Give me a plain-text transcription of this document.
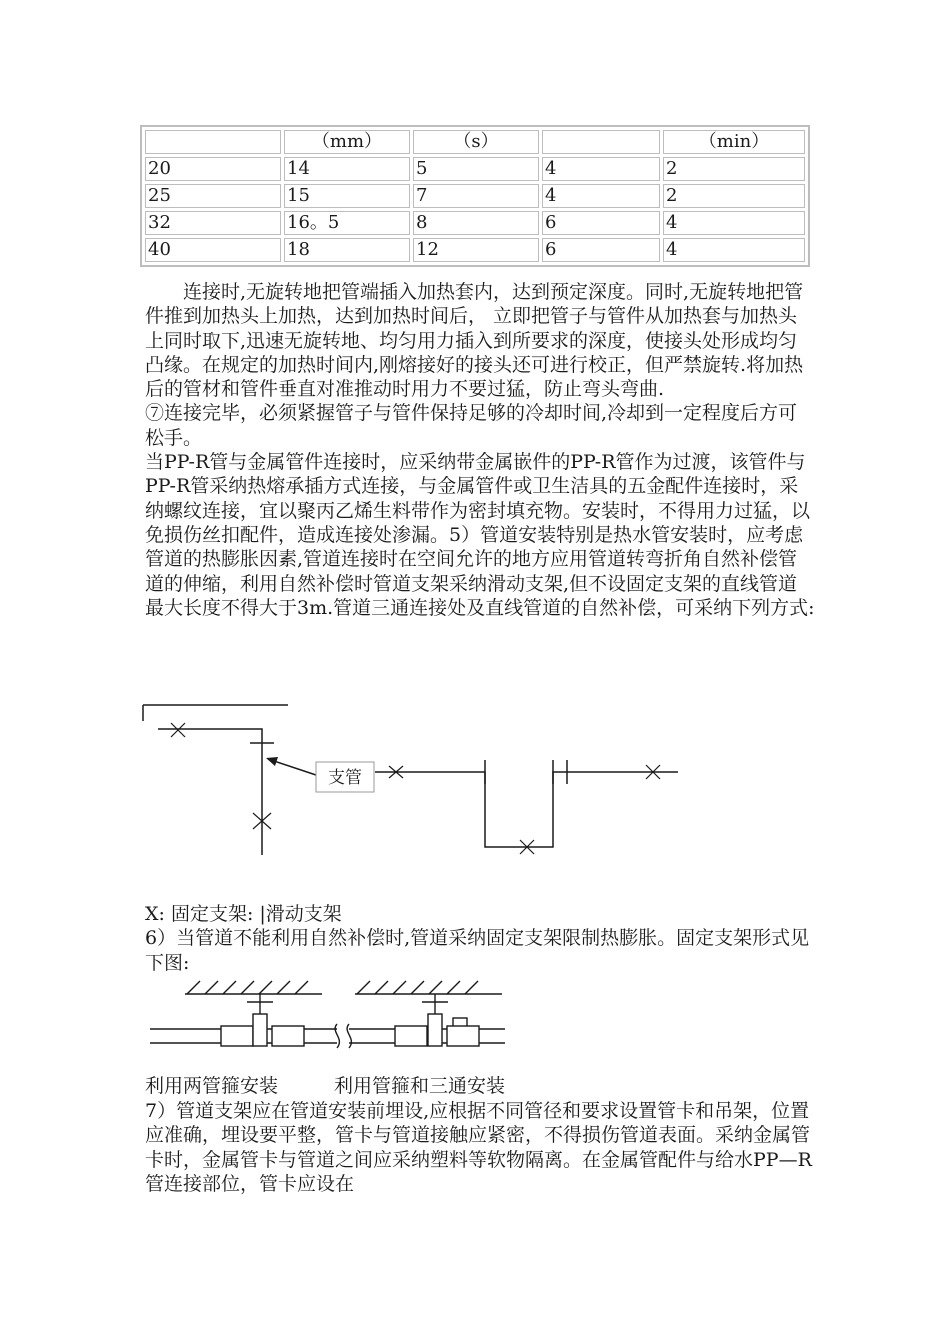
	（mm）	（s）		（min）
20	14	5	4	2
25	15	7	4	2
32	16。5	8	6	4
40	18	12	6	4

连接时,无旋转地把管端插入加热套内，达到预定深度。同时,无旋转地把管件推到加热头上加热，达到加热时间后， 立即把管子与管件从加热套与加热头上同时取下,迅速无旋转地、均匀用力插入到所要求的深度，使接头处形成均匀凸缘。在规定的加热时间内,刚熔接好的接头还可进行校正，但严禁旋转.将加热后的管材和管件垂直对准推动时用力不要过猛，防止弯头弯曲.

⑦连接完毕，必须紧握管子与管件保持足够的冷却时间,冷却到一定程度后方可松手。

当PP-R管与金属管件连接时，应采纳带金属嵌件的PP-R管作为过渡，该管件与PP-R管采纳热熔承插方式连接，与金属管件或卫生洁具的五金配件连接时，采纳螺纹连接，宜以聚丙乙烯生料带作为密封填充物。安装时，不得用力过猛，以免损伤丝扣配件，造成连接处渗漏。5）管道安装特别是热水管安装时，应考虑管道的热膨胀因素,管道连接时在空间允许的地方应用管道转弯折角自然补偿管道的伸缩，利用自然补偿时管道支架采纳滑动支架,但不设固定支架的直线管道最大长度不得大于3m.管道三通连接处及直线管道的自然补偿，可采纳下列方式:

支管

X: 固定支架: |滑动支架

6）当管道不能利用自然补偿时,管道采纳固定支架限制热膨胀。固定支架形式见下图:

利用两管箍安装	利用管箍和三通安装

7）管道支架应在管道安装前埋设,应根据不同管径和要求设置管卡和吊架，位置应准确，埋设要平整，管卡与管道接触应紧密，不得损伤管道表面。采纳金属管卡时，金属管卡与管道之间应采纳塑料等软物隔离。在金属管配件与给水PP—R管连接部位，管卡应设在
